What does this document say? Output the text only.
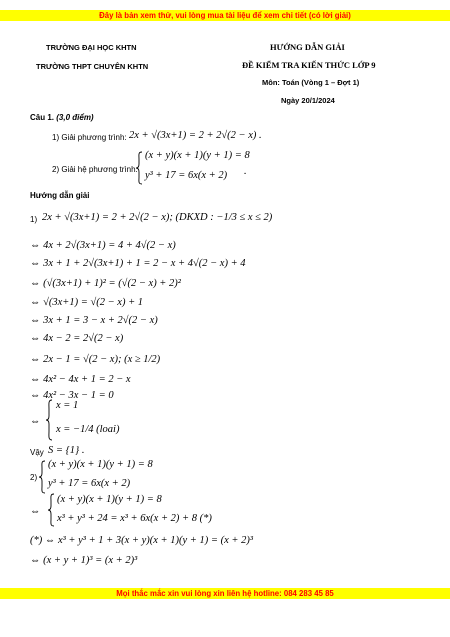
Đây là bản xem thử, vui lòng mua tài liệu để xem chi tiết (có lời giải)
TRƯỜNG ĐẠI HỌC KHTN
TRƯỜNG THPT CHUYÊN KHTN
HƯỚNG DẪN GIẢI
ĐỀ KIỂM TRA KIẾN THỨC LỚP 9
Môn: Toán (Vòng 1 – Đợt 1)
Ngày 20/1/2024
Câu 1. (3,0 điểm)
1) Giải phương trình: 2x + √(3x+1) = 2 + 2√(2 − x) .
2) Giải hệ phương trình:
(x + y)(x + 1)(y + 1) = 8
y³ + 17 = 6x(x + 2) .
Hướng dẫn giải
1) 2x + √(3x+1) = 2 + 2√(2 − x); (DKXD : −1/3 ≤ x ≤ 2)
⇔ 4x + 2√(3x+1) = 4 + 4√(2 − x)
⇔ 3x + 1 + 2√(3x+1) + 1 = 2 − x + 4√(2 − x) + 4
⇔ (√(3x+1) + 1)² = (√(2 − x) + 2)²
⇔ √(3x+1) = √(2 − x) + 1
⇔ 3x + 1 = 3 − x + 2√(2 − x)
⇔ 4x − 2 = 2√(2 − x)
⇔ 2x − 1 = √(2 − x); (x ≥ 1/2)
⇔ 4x² − 4x + 1 = 2 − x
⇔ 4x² − 3x − 1 = 0
⇔
x = 1
x = −1/4 (loai)
Vậy S = {1} .
2)
(x + y)(x + 1)(y + 1) = 8
y³ + 17 = 6x(x + 2)
⇔
(x + y)(x + 1)(y + 1) = 8
x³ + y³ + 24 = x³ + 6x(x + 2) + 8 (*)
(*) ⇔ x³ + y³ + 1 + 3(x + y)(x + 1)(y + 1) = (x + 2)³
⇔ (x + y + 1)³ = (x + 2)³
Mọi thắc mắc xin vui lòng xin liên hệ hotline: 084 283 45 85
